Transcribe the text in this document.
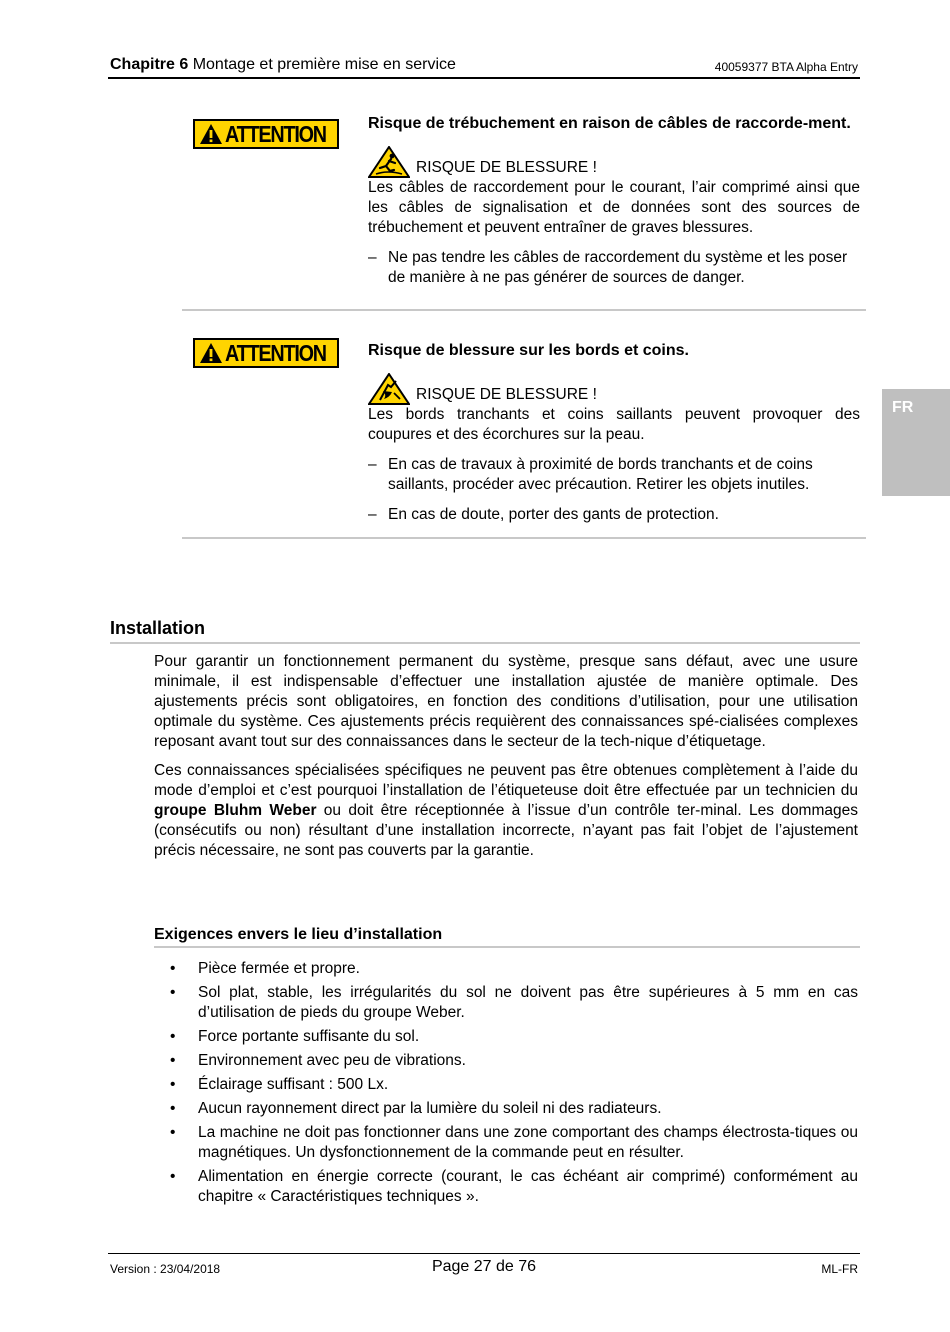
Chapitre 6 Montage et première mise en service	40059377 BTA Alpha Entry
FR
ATTENTION	Risque de trébuchement en raison de câbles de raccorde-ment.
RISQUE DE BLESSURE !
Les câbles de raccordement pour le courant, l’air comprimé ainsi que les câbles de signalisation et de données sont des sources de trébuchement et peuvent entraîner de graves blessures.
– Ne pas tendre les câbles de raccordement du système et les poser de manière à ne pas générer de sources de danger.
ATTENTION	Risque de blessure sur les bords et coins.
RISQUE DE BLESSURE !
Les bords tranchants et coins saillants peuvent provoquer des coupures et des écorchures sur la peau.
– En cas de travaux à proximité de bords tranchants et de coins saillants, procéder avec précaution. Retirer les objets inutiles.
– En cas de doute, porter des gants de protection.
Installation

Pour garantir un fonctionnement permanent du système, presque sans défaut, avec une usure minimale, il est indispensable d’effectuer une installation ajustée de manière optimale. Des ajustements précis sont obligatoires, en fonction des conditions d’utilisation, pour une utilisation optimale du système. Ces ajustements précis requièrent des connaissances spé-cialisées complexes reposant avant tout sur des connaissances dans le secteur de la tech-nique d’étiquetage.

Ces connaissances spécialisées spécifiques ne peuvent pas être obtenues complètement à l’aide du mode d’emploi et c’est pourquoi l’installation de l’étiqueteuse doit être effectuée par un technicien du groupe Bluhm Weber ou doit être réceptionnée à l’issue d’un contrôle ter-minal. Les dommages (consécutifs ou non) résultant d’une installation incorrecte, n’ayant pas fait l’objet de l’ajustement précis nécessaire, ne sont pas couverts par la garantie.

Exigences envers le lieu d’installation
• Pièce fermée et propre.
• Sol plat, stable, les irrégularités du sol ne doivent pas être supérieures à 5 mm en cas d’utilisation de pieds du groupe Weber.
• Force portante suffisante du sol.
• Environnement avec peu de vibrations.
• Éclairage suffisant : 500 Lx.
• Aucun rayonnement direct par la lumière du soleil ni des radiateurs.
• La machine ne doit pas fonctionner dans une zone comportant des champs électrosta-tiques ou magnétiques. Un dysfonctionnement de la commande peut en résulter.
• Alimentation en énergie correcte (courant, le cas échéant air comprimé) conformément au chapitre « Caractéristiques techniques ».
Version : 23/04/2018	Page 27 de 76	ML-FR
